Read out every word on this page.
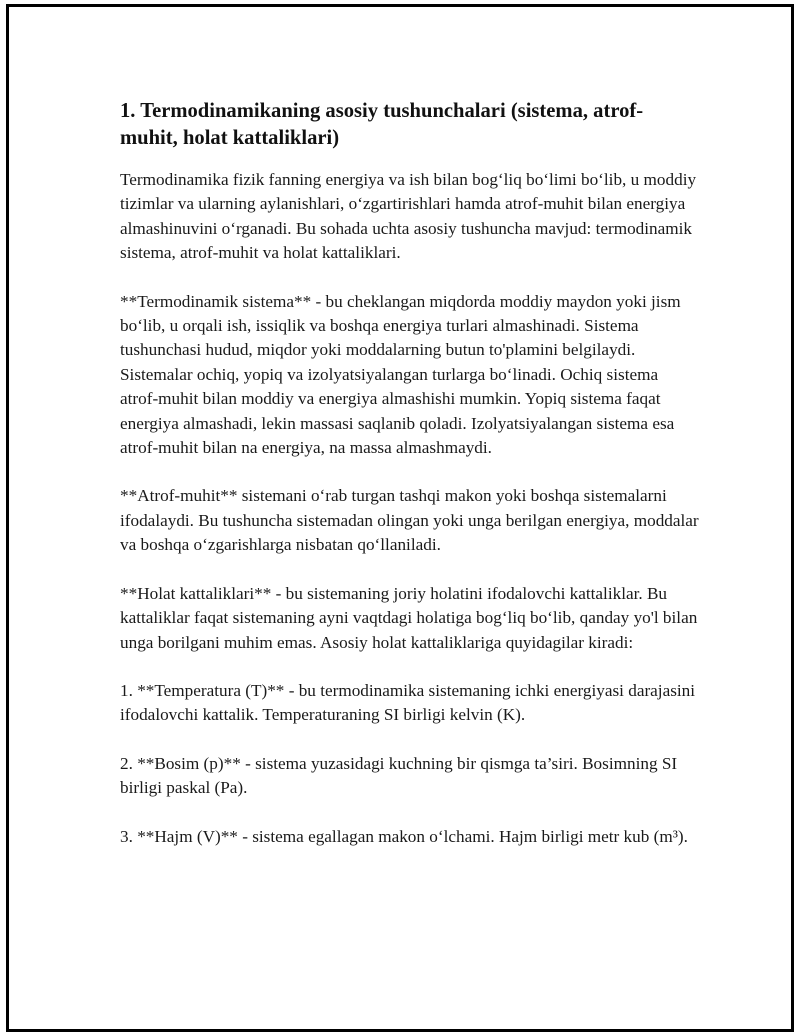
1. Termodinamikaning asosiy tushunchalari (sistema, atrof-muhit, holat kattaliklari)

Termodinamika fizik fanning energiya va ish bilan bog‘liq bo‘limi bo‘lib, u moddiy tizimlar va ularning aylanishlari, o‘zgartirishlari hamda atrof-muhit bilan energiya almashinuvini o‘rganadi. Bu sohada uchta asosiy tushuncha mavjud: termodinamik sistema, atrof-muhit va holat kattaliklari.

**Termodinamik sistema** - bu cheklangan miqdorda moddiy maydon yoki jism bo‘lib, u orqali ish, issiqlik va boshqa energiya turlari almashinadi. Sistema tushunchasi hudud, miqdor yoki moddalarning butun to'plamini belgilaydi. Sistemalar ochiq, yopiq va izolyatsiyalangan turlarga bo‘linadi. Ochiq sistema atrof-muhit bilan moddiy va energiya almashishi mumkin. Yopiq sistema faqat energiya almashadi, lekin massasi saqlanib qoladi. Izolyatsiyalangan sistema esa atrof-muhit bilan na energiya, na massa almashmaydi.

**Atrof-muhit** sistemani o‘rab turgan tashqi makon yoki boshqa sistemalarni ifodalaydi. Bu tushuncha sistemadan olingan yoki unga berilgan energiya, moddalar va boshqa o‘zgarishlarga nisbatan qo‘llaniladi.

**Holat kattaliklari** - bu sistemaning joriy holatini ifodalovchi kattaliklar. Bu kattaliklar faqat sistemaning ayni vaqtdagi holatiga bog‘liq bo‘lib, qanday yo'l bilan unga borilgani muhim emas. Asosiy holat kattaliklariga quyidagilar kiradi:

1. **Temperatura (T)** - bu termodinamika sistemaning ichki energiyasi darajasini ifodalovchi kattalik. Temperaturaning SI birligi kelvin (K).

2. **Bosim (p)** - sistema yuzasidagi kuchning bir qismga ta’siri. Bosimning SI birligi paskal (Pa).

3. **Hajm (V)** - sistema egallagan makon o‘lchami. Hajm birligi metr kub (m³).
